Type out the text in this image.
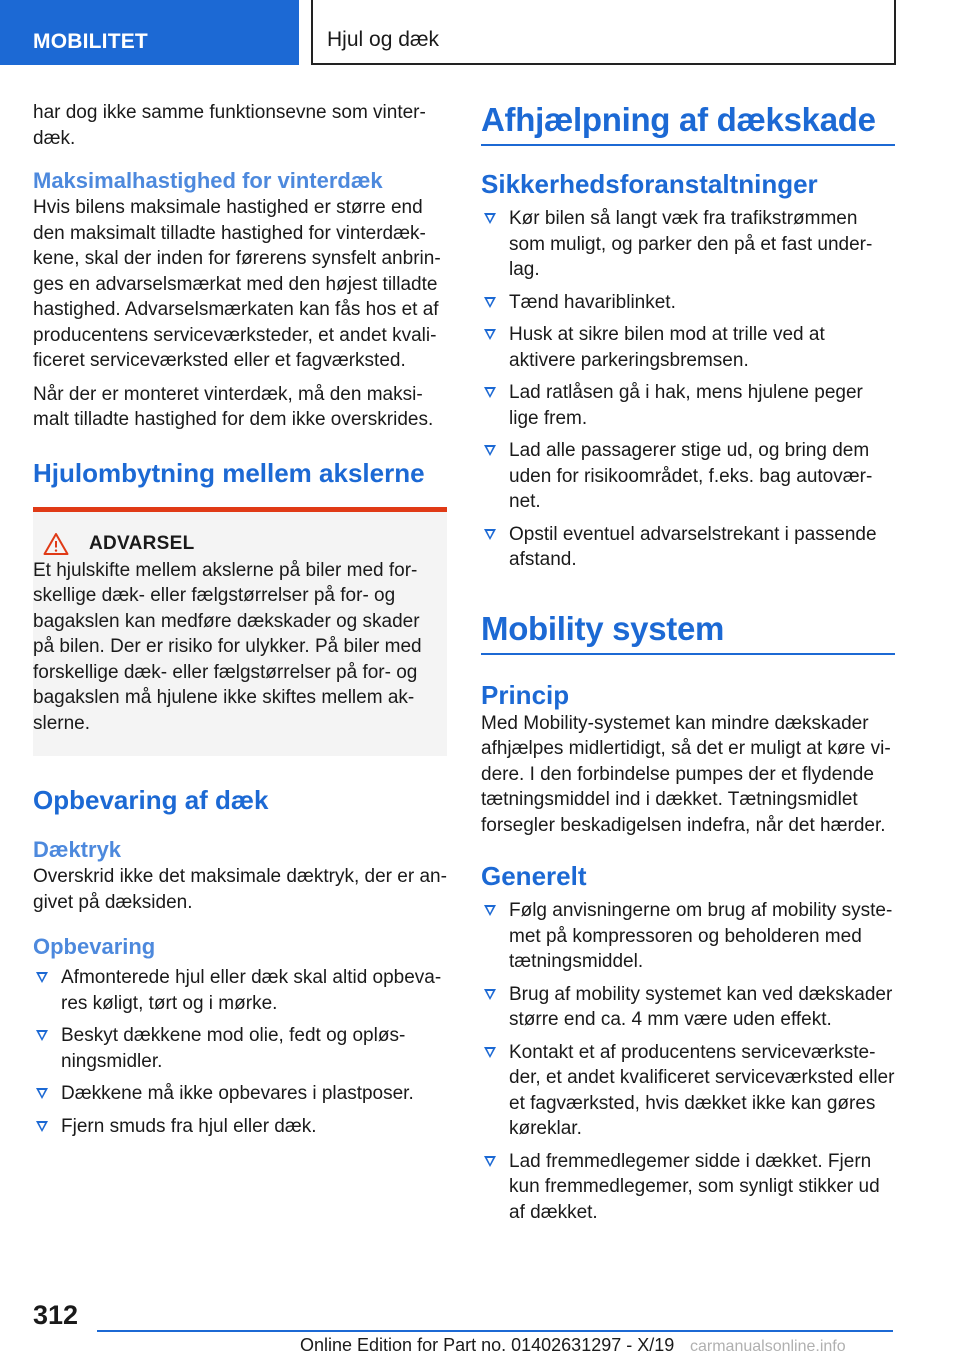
MOBILITET	Hjul og dæk

har dog ikke samme funktionsevne som vinterdæk.

Maksimalhastighed for vinterdæk

Hvis bilens maksimale hastighed er større end den maksimalt tilladte hastighed for vinterdækkene, skal der inden for førerens synsfelt anbringes en advarselsmærkat med den højest tilladte hastighed. Advarselsmærkaten kan fås hos et af producentens serviceværksteder, et andet kvalificeret serviceværksted eller et fagværksted.

Når der er monteret vinterdæk, må den maksimalt tilladte hastighed for dem ikke overskrides.

Hjulombytning mellem akslerne
ADVARSEL

Et hjulskifte mellem akslerne på biler med forskellige dæk- eller fælgstørrelser på for- og bagakslen kan medføre dækskader og skader på bilen. Der er risiko for ulykker. På biler med forskellige dæk- eller fælgstørrelser på for- og bagakslen må hjulene ikke skiftes mellem akslerne.

Opbevaring af dæk
Dæktryk

Overskrid ikke det maksimale dæktryk, der er angivet på dæksiden.

Opbevaring
Afmonterede hjul eller dæk skal altid opbevares køligt, tørt og i mørke.
Beskyt dækkene mod olie, fedt og opløsningsmidler.
Dækkene må ikke opbevares i plastposer.
Fjern smuds fra hjul eller dæk.
Afhjælpning af dækskade
Sikkerhedsforanstaltninger
Kør bilen så langt væk fra trafikstrømmen som muligt, og parker den på et fast underlag.
Tænd havariblinket.
Husk at sikre bilen mod at trille ved at aktivere parkeringsbremsen.
Lad ratlåsen gå i hak, mens hjulene peger lige frem.
Lad alle passagerer stige ud, og bring dem uden for risikoområdet, f.eks. bag autoværnet.
Opstil eventuel advarselstrekant i passende afstand.
Mobility system
Princip

Med Mobility-systemet kan mindre dækskader afhjælpes midlertidigt, så det er muligt at køre videre. I den forbindelse pumpes der et flydende tætningsmiddel ind i dækket. Tætningsmidlet forsegler beskadigelsen indefra, når det hærder.

Generelt
Følg anvisningerne om brug af mobility systemet på kompressoren og beholderen med tætningsmiddel.
Brug af mobility systemet kan ved dækskader større end ca. 4 mm være uden effekt.
Kontakt et af producentens serviceværksteder, et andet kvalificeret serviceværksted eller et fagværksted, hvis dækket ikke kan gøres køreklar.
Lad fremmedlegemer sidde i dækket. Fjern kun fremmedlegemer, som synligt stikker ud af dækket.
312
Online Edition for Part no. 01402631297 - X/19 carmanualsonline.info
